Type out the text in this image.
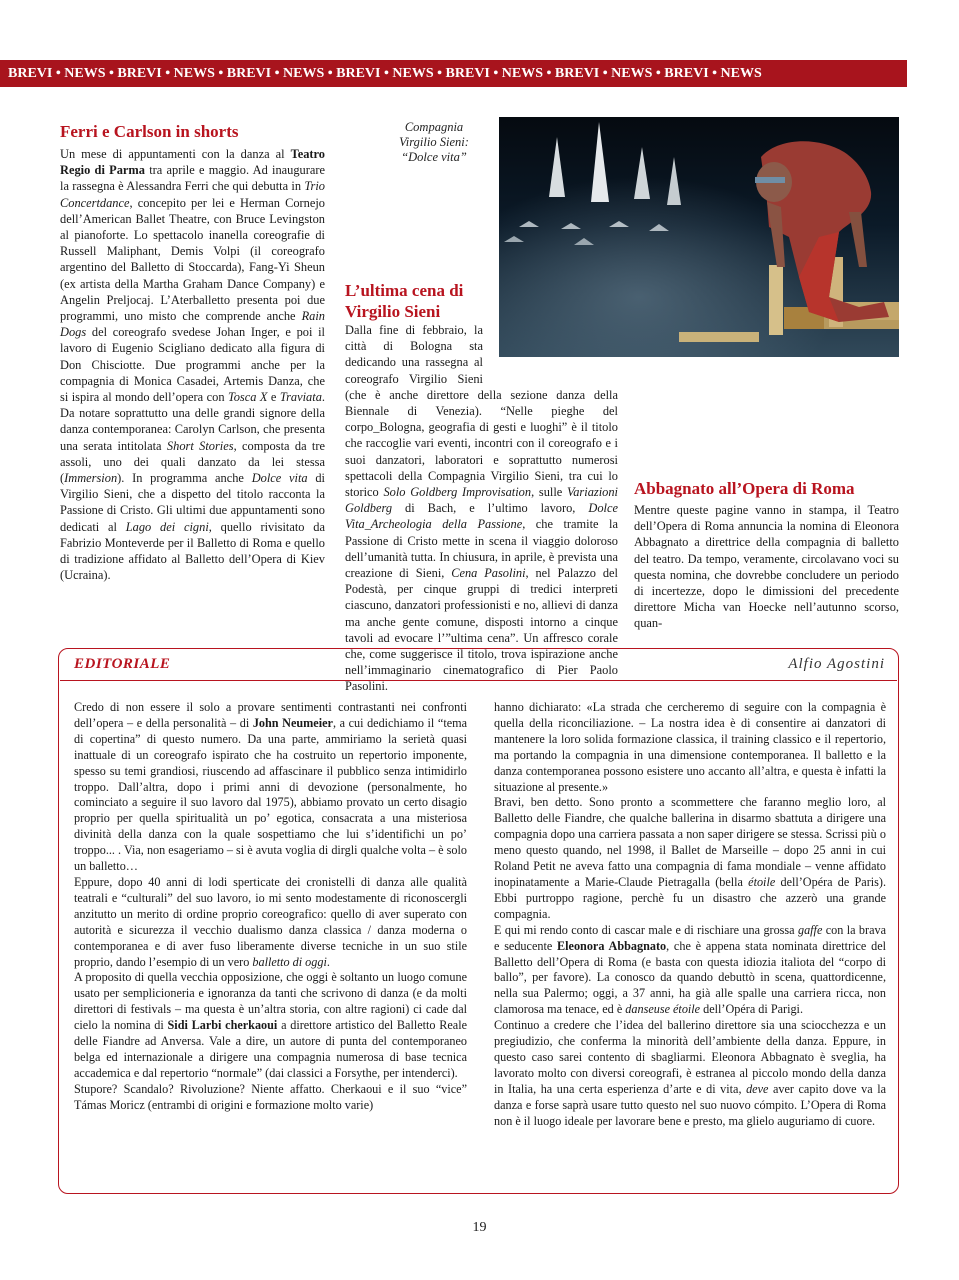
BREVI • NEWS • BREVI • NEWS • BREVI • NEWS • BREVI • NEWS • BREVI • NEWS • BREVI • NEWS • BREVI • NEWS
Ferri e Carlson in shorts
Un mese di appuntamenti con la danza al Teatro Regio di Parma tra aprile e maggio. Ad inaugurare la rassegna è Alessandra Ferri che qui debutta in Trio Concertdance, concepito per lei e Herman Cornejo dell’American Ballet Theatre, con Bruce Levingston al pianoforte. Lo spettacolo inanella coreografie di Russell Maliphant, Demis Volpi (il coreografo argentino del Balletto di Stoccarda), Fang-Yi Sheun (ex artista della Martha Graham Dance Company) e Angelin Preljocaj. L’Aterballetto presenta poi due programmi, uno misto che comprende anche Rain Dogs del coreografo svedese Johan Inger, e poi il lavoro di Eugenio Scigliano dedicato alla figura di Don Chisciotte. Due programmi anche per la compagnia di Monica Casadei, Artemis Danza, che si ispira al mondo dell’opera con Tosca X e Traviata. Da notare soprattutto una delle grandi signore della danza contemporanea: Carolyn Carlson, che presenta una serata intitolata Short Stories, composta da tre assoli, uno dei quali danzato da lei stessa (Immersion). In programma anche Dolce vita di Virgilio Sieni, che a dispetto del titolo racconta la Passione di Cristo. Gli ultimi due appuntamenti sono dedicati al Lago dei cigni, quello rivisitato da Fabrizio Monteverde per il Balletto di Roma e quello di tradizione affidato al Balletto dell’Opera di Kiev (Ucraina).
Compagnia
Virgilio Sieni:
“Dolce vita”
L’ultima cena di
Virgilio Sieni
Dalla fine di febbraio, la città di Bologna sta dedicando una rassegna al coreografo Virgilio Sieni (che è anche direttore della sezione danza della Biennale di Venezia). “Nelle pieghe del corpo_Bologna, geografia di gesti e luoghi” è il titolo che raccoglie vari eventi, incontri con il coreografo e i suoi danzatori, laboratori e soprattutto numerosi spettacoli della Compagnia Virgilio Sieni, tra cui lo storico Solo Goldberg Improvisation, sulle Variazioni Goldberg di Bach, e l’ultimo lavoro, Dolce Vita_Archeologia della Passione, che tramite la Passione di Cristo mette in scena il viaggio doloroso dell’umanità tutta. In chiusura, in aprile, è prevista una creazione di Sieni, Cena Pasolini, nel Palazzo del Podestà, per cinque gruppi di tredici interpreti ciascuno, danzatori professionisti e no, allievi di danza ma anche gente comune, disposti intorno a cinque tavoli ad evocare l’”ultima cena”. Un affresco corale che, come suggerisce il titolo, trova ispirazione anche nell’immaginario cinematografico di Pier Paolo Pasolini.
Abbagnato all’Opera di Roma
Mentre queste pagine vanno in stampa, il Teatro dell’Opera di Roma annuncia la nomina di Eleonora Abbagnato a direttrice della compagnia di balletto del teatro. Da tempo, veramente, circolavano voci su questa nomina, che dovrebbe concludere un periodo di incertezze, dopo le dimissioni del precedente direttore Micha van Hoecke nell’autunno scorso, quan-
EDITORIALE	Alfio Agostini
Credo di non essere il solo a provare sentimenti contrastanti nei confronti dell’opera – e della personalità – di John Neumeier, a cui dedichiamo il “tema di copertina” di questo numero. Da una parte, ammiriamo la serietà quasi inattuale di un coreografo ispirato che ha costruito un repertorio imponente, spesso su temi grandiosi, riuscendo ad affascinare il pubblico senza intimidirlo troppo. Dall’altra, dopo i primi anni di devozione (personalmente, ho cominciato a seguire il suo lavoro dal 1975), abbiamo provato un certo disagio proprio per quella spiritualità un po’ egotica, consacrata a una misteriosa divinità della danza con la quale sospettiamo che lui s’identifichi un po’ troppo... . Via, non esageriamo – si è avuta voglia di dirgli qualche volta – è solo un balletto…
Eppure, dopo 40 anni di lodi sperticate dei cronistelli di danza alle qualità teatrali e “culturali” del suo lavoro, io mi sento modestamente di riconoscergli anzitutto un merito di ordine proprio coreografico: quello di aver superato con autorità e sicurezza il vecchio dualismo danza classica / danza moderna o contemporanea e di aver fuso liberamente diverse tecniche in un suo stile proprio, dando l’esempio di un vero balletto di oggi.
A proposito di quella vecchia opposizione, che oggi è soltanto un luogo comune usato per semplicioneria e ignoranza da tanti che scrivono di danza (e da molti direttori di festivals – ma questa è un’altra storia, con altre ragioni) ci cade dal cielo la nomina di Sidi Larbi cherkaoui a direttore artistico del Balletto Reale delle Fiandre ad Anversa. Vale a dire, un autore di punta del contemporaneo belga ed internazionale a dirigere una compagnia numerosa di base tecnica accademica e dal repertorio “normale” (dai classici a Forsythe, per intenderci).
Stupore? Scandalo? Rivoluzione? Niente affatto. Cherkaoui e il suo “vice” Támas Moricz (entrambi di origini e formazione molto varie)
hanno dichiarato: «La strada che cercheremo di seguire con la compagnia è quella della riconciliazione. – La nostra idea è di consentire ai danzatori di mantenere la loro solida formazione classica, il training classico e il repertorio, ma portando la compagnia in una dimensione contemporanea. Il balletto e la danza contemporanea possono esistere uno accanto all’altra, e questa è infatti la situazione al presente.»
Bravi, ben detto. Sono pronto a scommettere che faranno meglio loro, al Balletto delle Fiandre, che qualche ballerina in disarmo sbattuta a dirigere una compagnia dopo una carriera passata a non saper dirigere se stessa. Scrissi più o meno questo quando, nel 1998, il Ballet de Marseille – dopo 25 anni in cui Roland Petit ne aveva fatto una compagnia di fama mondiale – venne affidato inopinatamente a Marie-Claude Pietragalla (bella étoile dell’Opéra de Paris). Ebbi purtroppo ragione, perchè fu un disastro che azzerò una grande compagnia.
E qui mi rendo conto di cascar male e di rischiare una grossa gaffe con la brava e seducente Eleonora Abbagnato, che è appena stata nominata direttrice del Balletto dell’Opera di Roma (e basta con questa idiozia italiota del “corpo di ballo”, per favore). La conosco da quando debuttò in scena, quattordicenne, nella sua Palermo; oggi, a 37 anni, ha già alle spalle una carriera ricca, non clamorosa ma tenace, ed è danseuse étoile dell’Opéra di Parigi.
Continuo a credere che l’idea del ballerino direttore sia una sciocchezza e un pregiudizio, che conferma la minorità dell’ambiente della danza. Eppure, in questo caso sarei contento di sbagliarmi. Eleonora Abbagnato è sveglia, ha lavorato molto con diversi coreografi, è estranea al piccolo mondo della danza in Italia, ha una certa esperienza d’arte e di vita, deve aver capito dove va la danza e forse saprà usare tutto questo nel suo nuovo cómpito. L’Opera di Roma non è il luogo ideale per lavorare bene e presto, ma glielo auguriamo di cuore.
19
